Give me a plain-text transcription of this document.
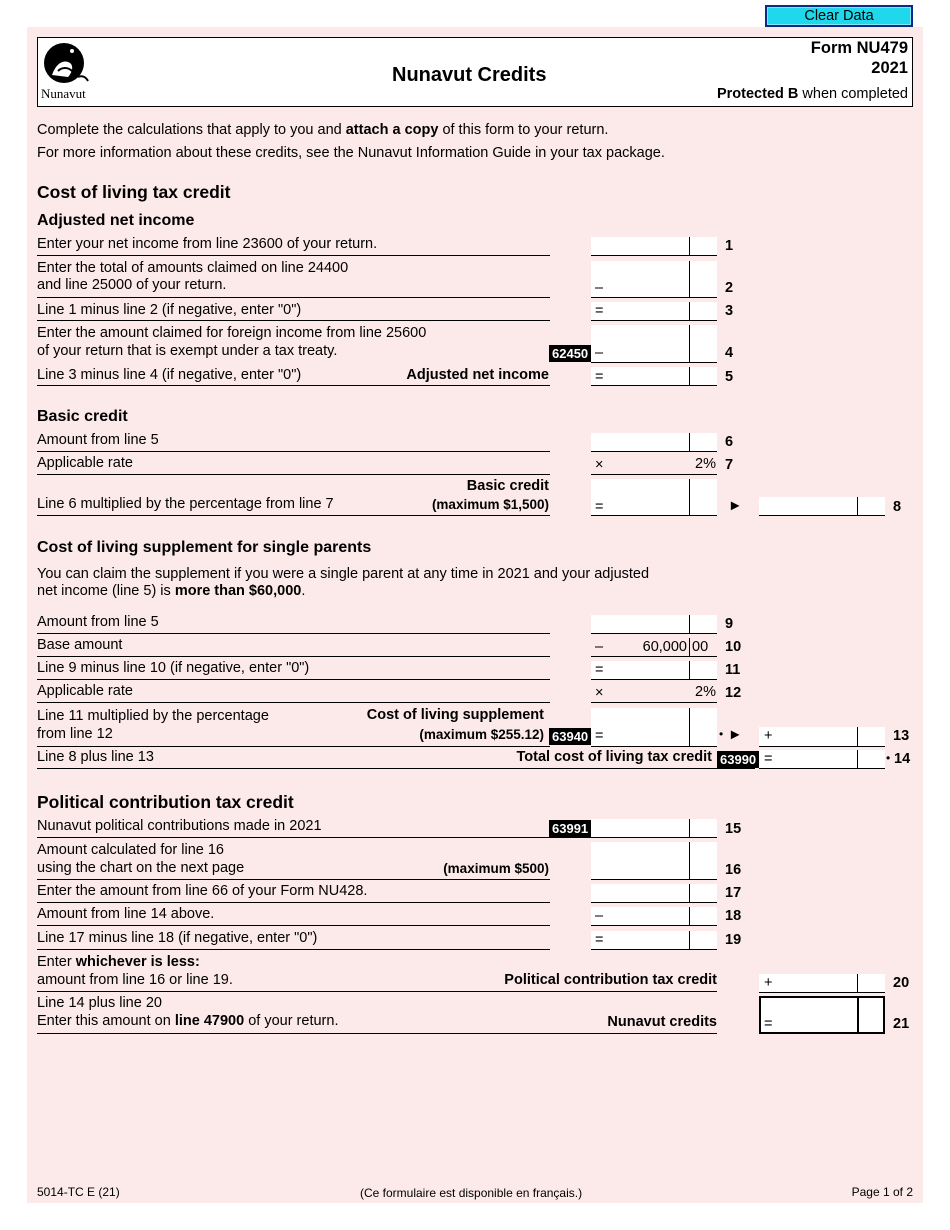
Clear Data
Nunavut
Nunavut Credits
Form NU479
2021
Protected B when completed
Complete the calculations that apply to you and attach a copy of this form to your return.
For more information about these credits, see the Nunavut Information Guide in your tax package.
Cost of living tax credit
Adjusted net income
Enter your net income from line 23600 of your return.	1
Enter the total of amounts claimed on line 24400
and line 25000 of your return.	–	2
Line 1 minus line 2 (if negative, enter "0")	=	3
Enter the amount claimed for foreign income from line 25600
of your return that is exempt under a tax treaty.	62450 –	4
Line 3 minus line 4 (if negative, enter "0")	Adjusted net income	=	5
Basic credit
Amount from line 5	6
Applicable rate	×	2% 7
Basic credit
(maximum $1,500)
Line 6 multiplied by the percentage from line 7	=	►	8
Cost of living supplement for single parents
You can claim the supplement if you were a single parent at any time in 2021 and your adjusted
net income (line 5) is more than $60,000.
Amount from line 5	9
Base amount	–	60,000 00 10
Line 9 minus line 10 (if negative, enter "0")	=	11
Applicable rate	×	2% 12
Line 11 multiplied by the percentage
from line 12
Cost of living supplement
(maximum $255.12) 63940 =	• ► +	13
Line 8 plus line 13	Total cost of living tax credit 63990 =	• 14
Political contribution tax credit
Nunavut political contributions made in 2021	63991	15
Amount calculated for line 16
using the chart on the next page	(maximum $500)	16
Enter the amount from line 66 of your Form NU428.	17
Amount from line 14 above.	–	18
Line 17 minus line 18 (if negative, enter "0")	=	19
Enter whichever is less:
amount from line 16 or line 19.	Political contribution tax credit	+	20
Line 14 plus line 20
Enter this amount on line 47900 of your return.	Nunavut credits	=	21
5014-TC E (21)	(Ce formulaire est disponible en français.)	Page 1 of 2
